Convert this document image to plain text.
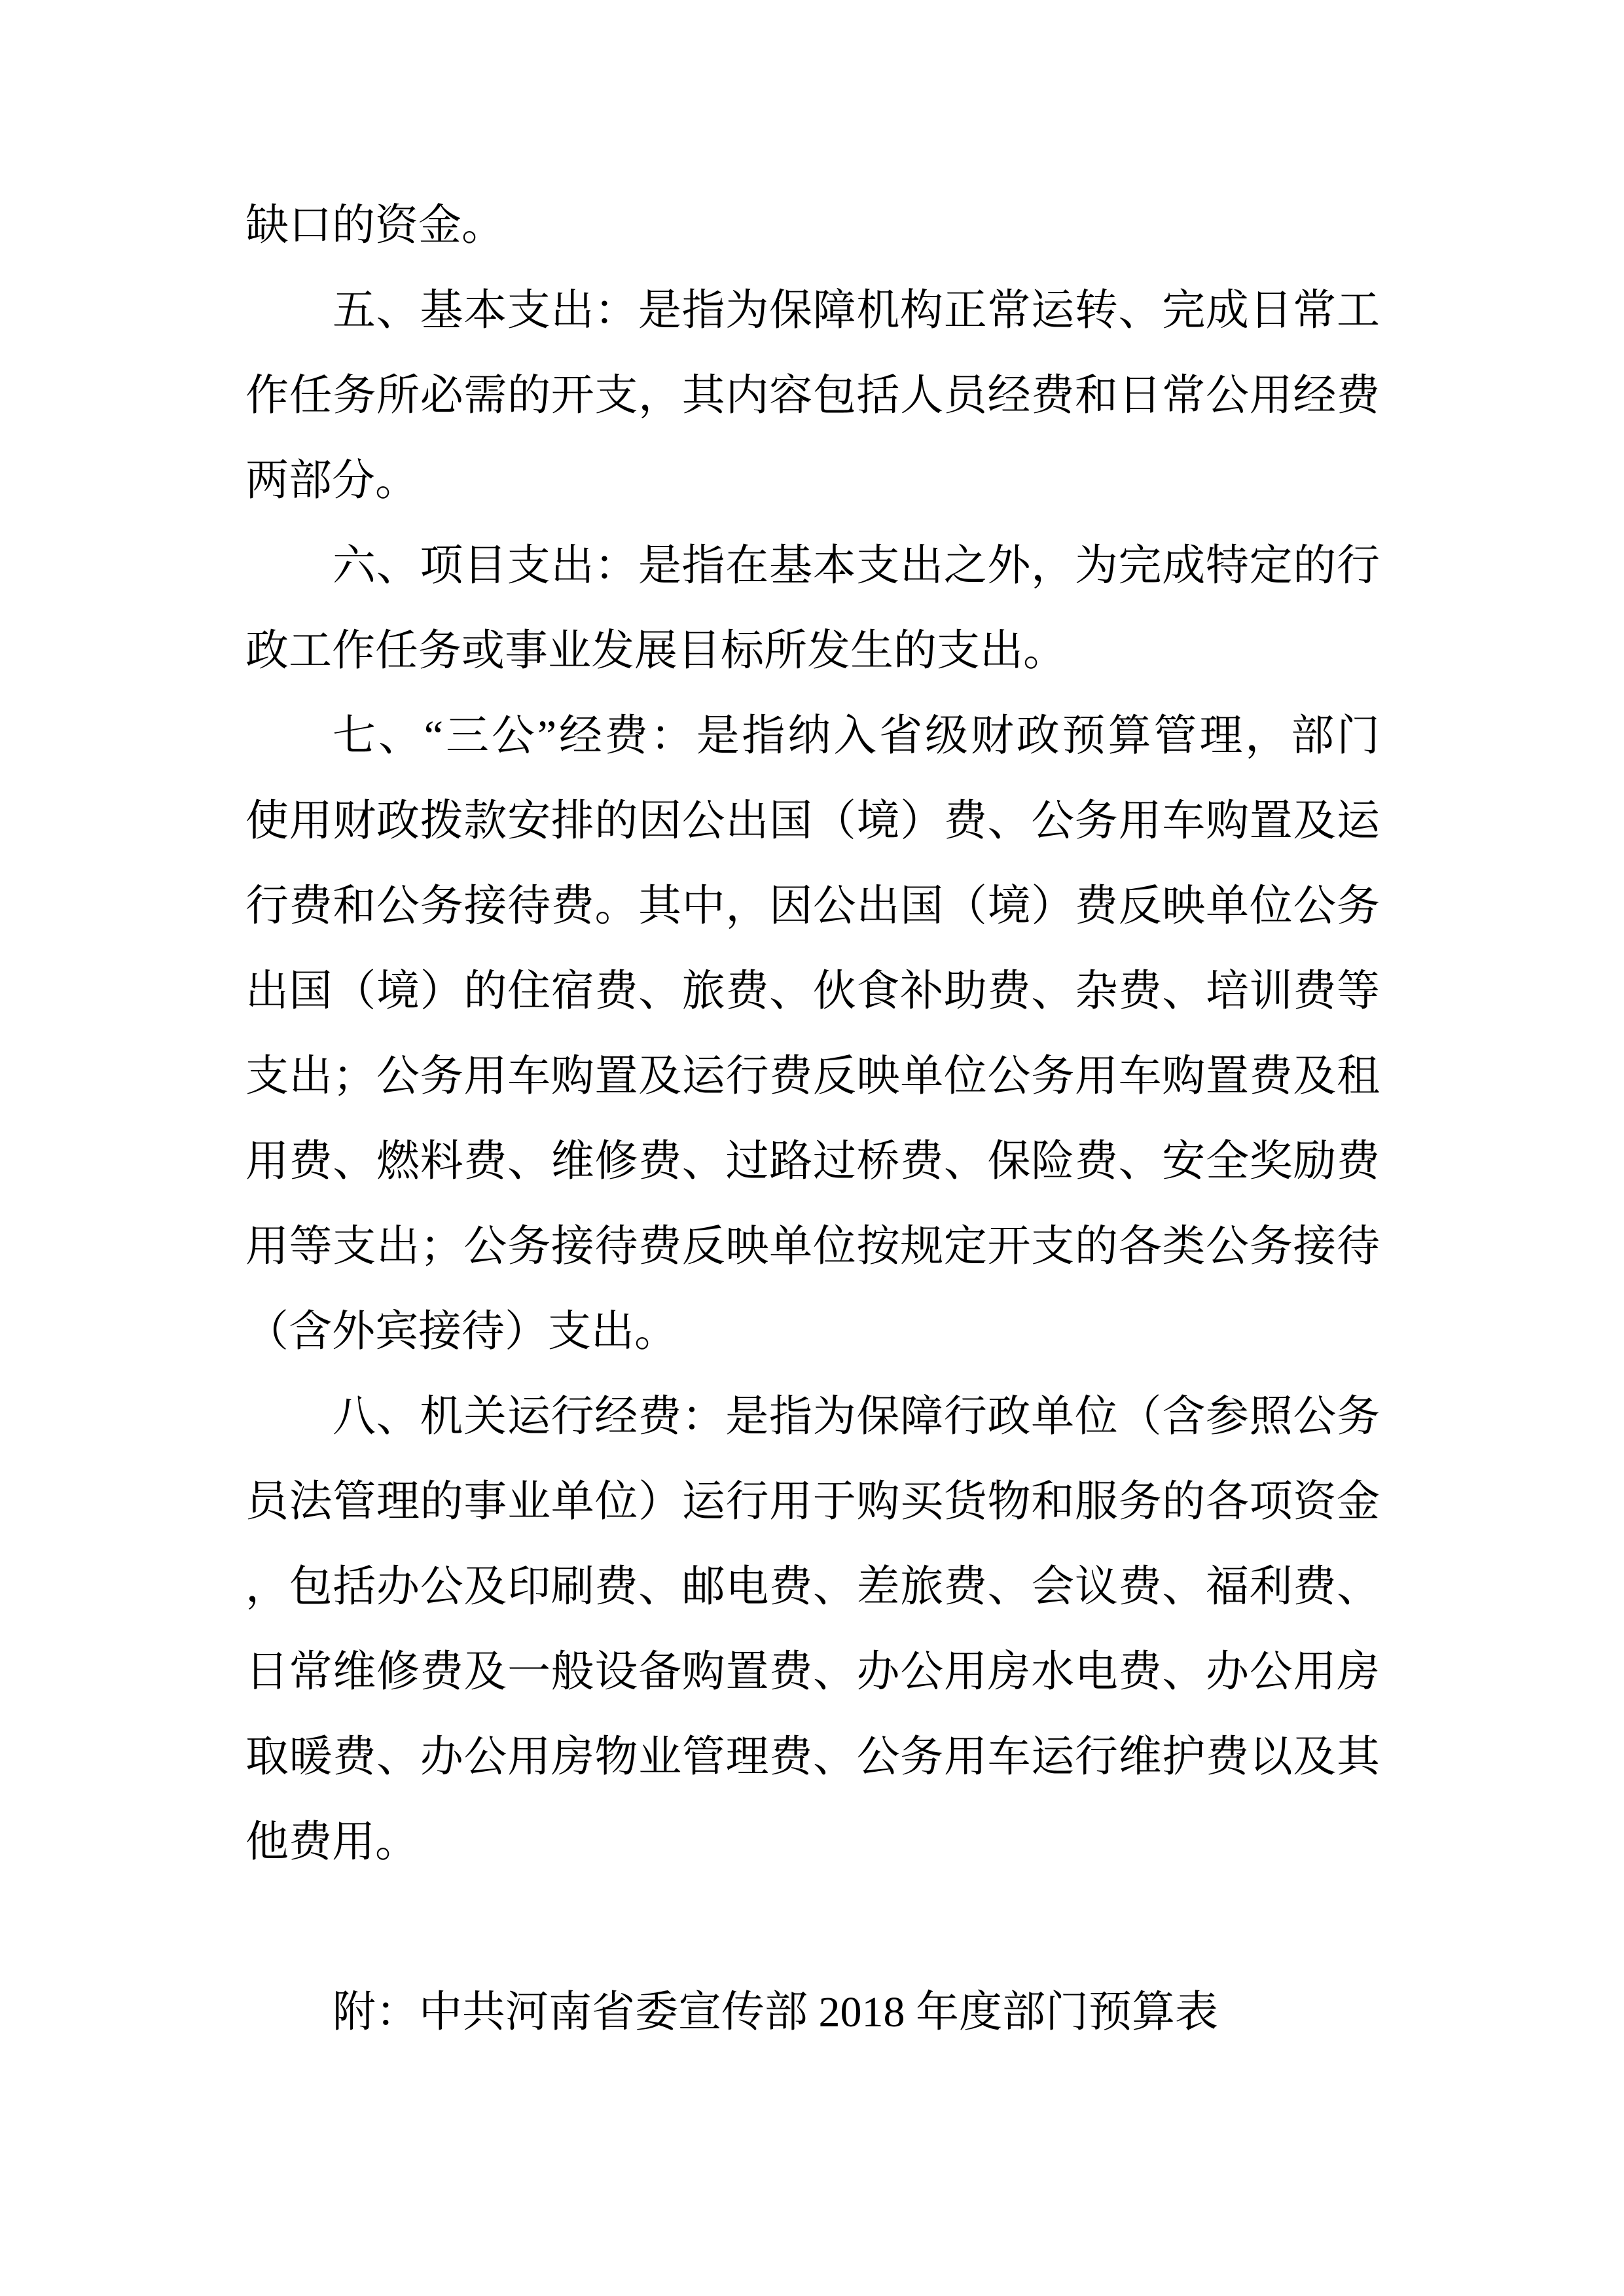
缺口的资金。
五、基本支出：是指为保障机构正常运转、完成日常工
作任务所必需的开支，其内容包括人员经费和日常公用经费
两部分。
六、项目支出：是指在基本支出之外，为完成特定的行
政工作任务或事业发展目标所发生的支出。
七、“三公”经费：是指纳入省级财政预算管理，部门
使用财政拨款安排的因公出国（境）费、公务用车购置及运
行费和公务接待费。其中，因公出国（境）费反映单位公务
出国（境）的住宿费、旅费、伙食补助费、杂费、培训费等
支出；公务用车购置及运行费反映单位公务用车购置费及租
用费、燃料费、维修费、过路过桥费、保险费、安全奖励费
用等支出；公务接待费反映单位按规定开支的各类公务接待
（含外宾接待）支出。
八、机关运行经费：是指为保障行政单位（含参照公务
员法管理的事业单位）运行用于购买货物和服务的各项资金
，包括办公及印刷费、邮电费、差旅费、会议费、福利费、
日常维修费及一般设备购置费、办公用房水电费、办公用房
取暖费、办公用房物业管理费、公务用车运行维护费以及其
他费用。
附：中共河南省委宣传部 2018 年度部门预算表
